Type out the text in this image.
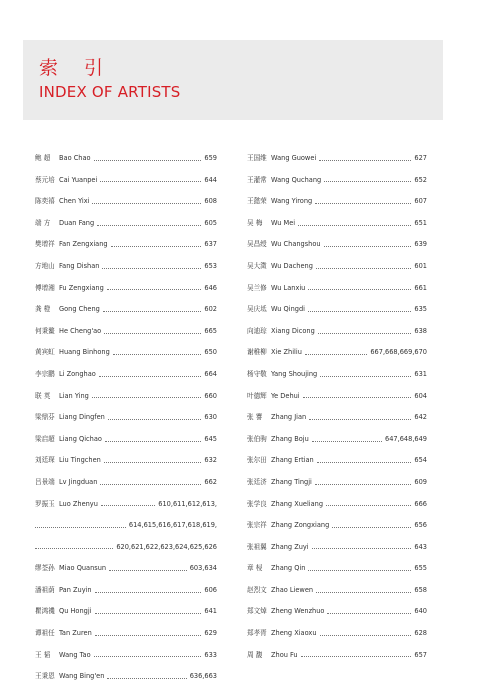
索 引
INDEX OF ARTISTS
鲍 超	Bao Chao	659
蔡元培 Cai Yuanpei	644
陈奕禧 Chen Yixi	608
端 方	Duan Fang	605
樊增祥 Fan Zengxiang	637
方地山 Fang Dishan	653
傅增湘 Fu Zengxiang	646
龚 橙	Gong Cheng	602
何秉鳌 He Cheng'ao	665
黄宾虹 Huang Binhong	650
李宗鹏 Li Zonghao	664
联 英	Lian Ying	660
梁鼎芬 Liang Dingfen	630
梁启超 Liang Qichao	645
刘廷琛 Liu Tingchen	632
吕景端 Lv Jingduan	662
罗振玉 Luo Zhenyu	610,611,612,613,
614,615,616,617,618,619,
620,621,622,623,624,625,626
缪荃孙 Miao Quansun	603,634
潘祖荫 Pan Zuyin	606
瞿鸿禨 Qu Hongji	641
谭祖任 Tan Zuren	629
王 韬	Wang Tao	633
王秉恩 Wang Bing'en	636,663
王国维 Wang Guowei	627
王灌常 Wang Quchang	652
王懿荣 Wang Yirong	607
吴 梅	Wu Mei	651
吴昌绶 Wu Changshou	639
吴大澂 Wu Dacheng	601
吴兰修 Wu Lanxiu	661
吴庆坻 Wu Qingdi	635
向迪琮 Xiang Dicong	638
谢稚柳 Xie Zhiliu	667,668,669,670
杨守敬 Yang Shoujing	631
叶德辉 Ye Dehui	604
张 謇	Zhang Jian	642
张伯驹 Zhang Boju	647,648,649
张尔田 Zhang Ertian	654
张廷济 Zhang Tingji	609
张学良 Zhang Xueliang	666
张宗祥 Zhang Zongxiang	656
张祖翼 Zhang Zuyi	643
章 梫	Zhang Qin	655
赵烈文 Zhao Liewen	658
郑文焯 Zheng Wenzhuo	640
郑孝胥 Zheng Xiaoxu	628
周 馥	Zhou Fu	657
